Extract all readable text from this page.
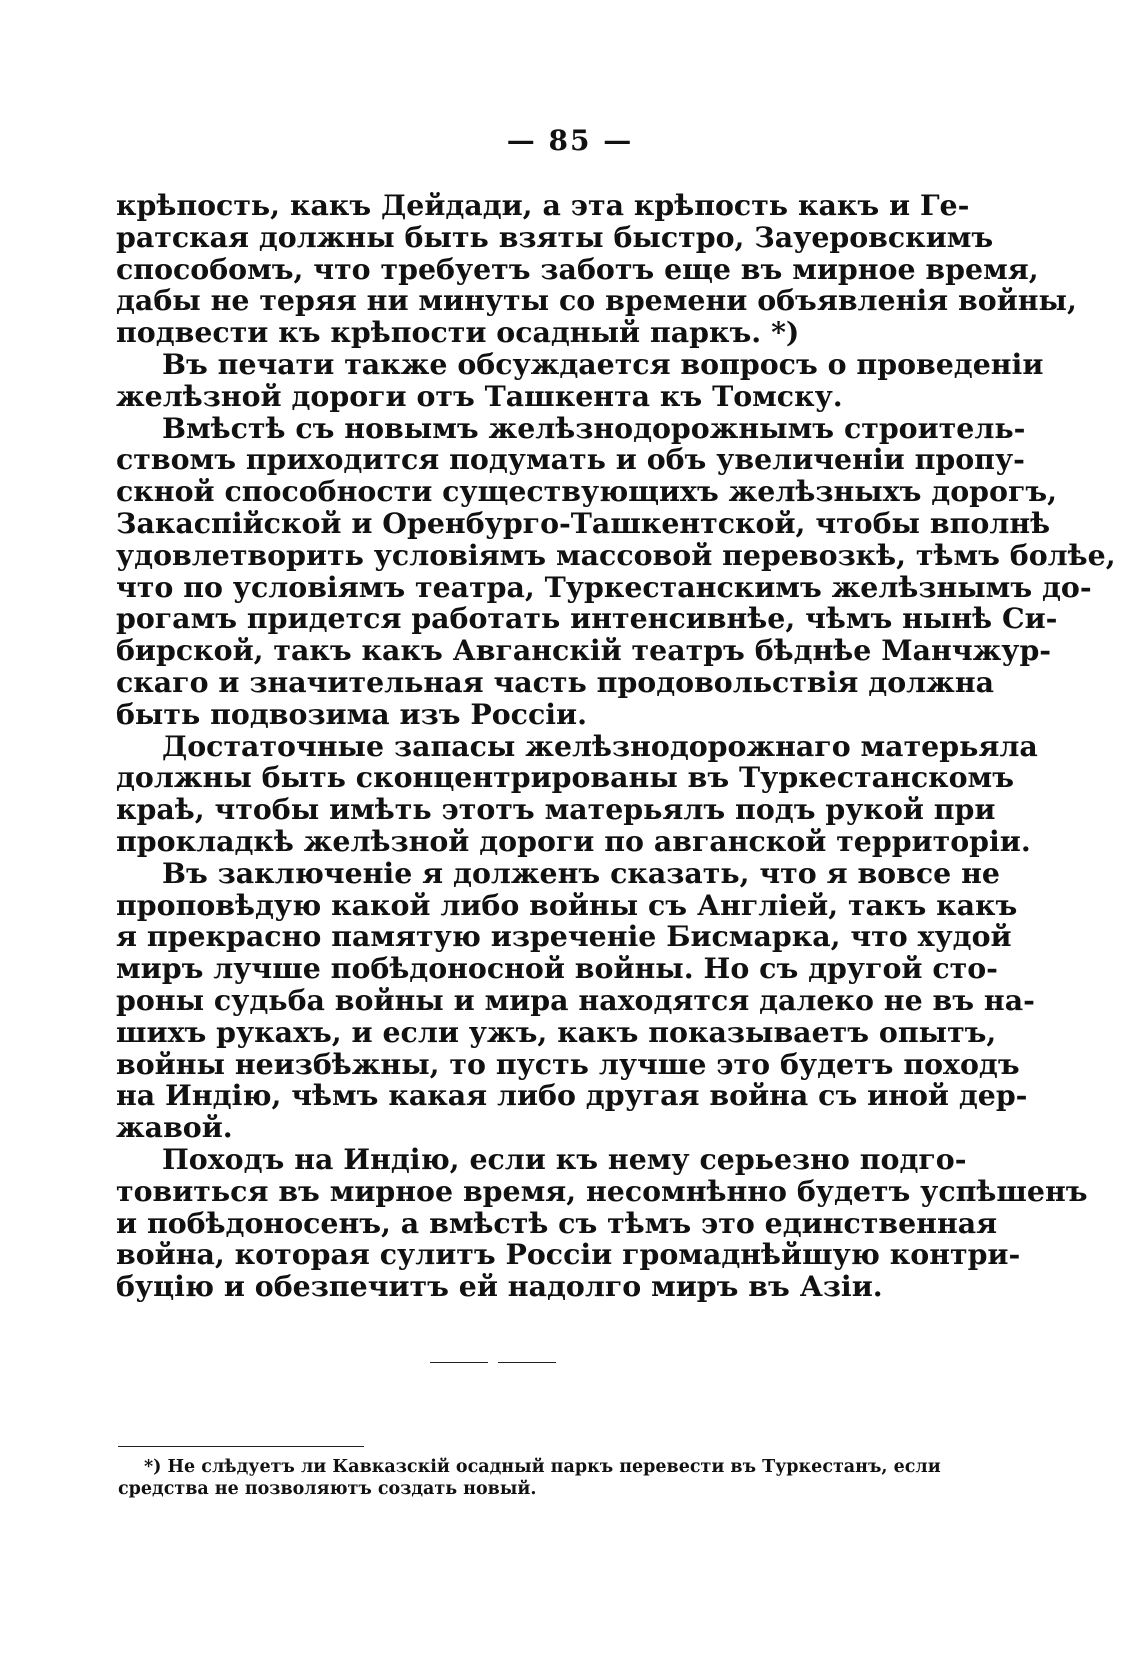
— 85 —

крѣпость, какъ Дейдади, а эта крѣпость какъ и Ге-
ратская должны быть взяты быстро, Зауеровскимъ
способомъ, что требуетъ заботъ еще въ мирное время,
дабы не теряя ни минуты со времени объявленія войны,
подвести къ крѣпости осадный паркъ. *)

Въ печати также обсуждается вопросъ о проведеніи
желѣзной дороги отъ Ташкента къ Томску.

Вмѣстѣ съ новымъ желѣзнодорожнымъ строитель-
ствомъ приходится подумать и объ увеличеніи пропу-
скной способности существующихъ желѣзныхъ дорогъ,
Закаспійской и Оренбурго-Ташкентской, чтобы вполнѣ
удовлетворить условіямъ массовой перевозкѣ, тѣмъ болѣе,
что по условіямъ театра, Туркестанскимъ желѣзнымъ до-
рогамъ придется работать интенсивнѣе, чѣмъ нынѣ Си-
бирской, такъ какъ Авганскій театръ бѣднѣе Манчжур-
скаго и значительная часть продовольствія должна
быть подвозима изъ Россіи.

Достаточные запасы желѣзнодорожнаго матерьяла
должны быть сконцентрированы въ Туркестанскомъ
краѣ, чтобы имѣть этотъ матерьялъ подъ рукой при
прокладкѣ желѣзной дороги по авганской территоріи.

Въ заключеніе я долженъ сказать, что я вовсе не
проповѣдую какой либо войны съ Англіей, такъ какъ
я прекрасно памятую изреченіе Бисмарка, что худой
миръ лучше побѣдоносной войны. Но съ другой сто-
роны судьба войны и мира находятся далеко не въ на-
шихъ рукахъ, и если ужъ, какъ показываетъ опытъ,
войны неизбѣжны, то пусть лучше это будетъ походъ
на Индію, чѣмъ какая либо другая война съ иной дер-
жавой.

Походъ на Индію, если къ нему серьезно подго-
товиться въ мирное время, несомнѣнно будетъ успѣшенъ
и побѣдоносенъ, а вмѣстѣ съ тѣмъ это единственная
война, которая сулитъ Россіи громаднѣйшую контри-
буцію и обезпечитъ ей надолго миръ въ Азіи.

*) Не слѣдуетъ ли Кавказскій осадный паркъ перевести въ Туркестанъ, если
средства не позволяютъ создать новый.
